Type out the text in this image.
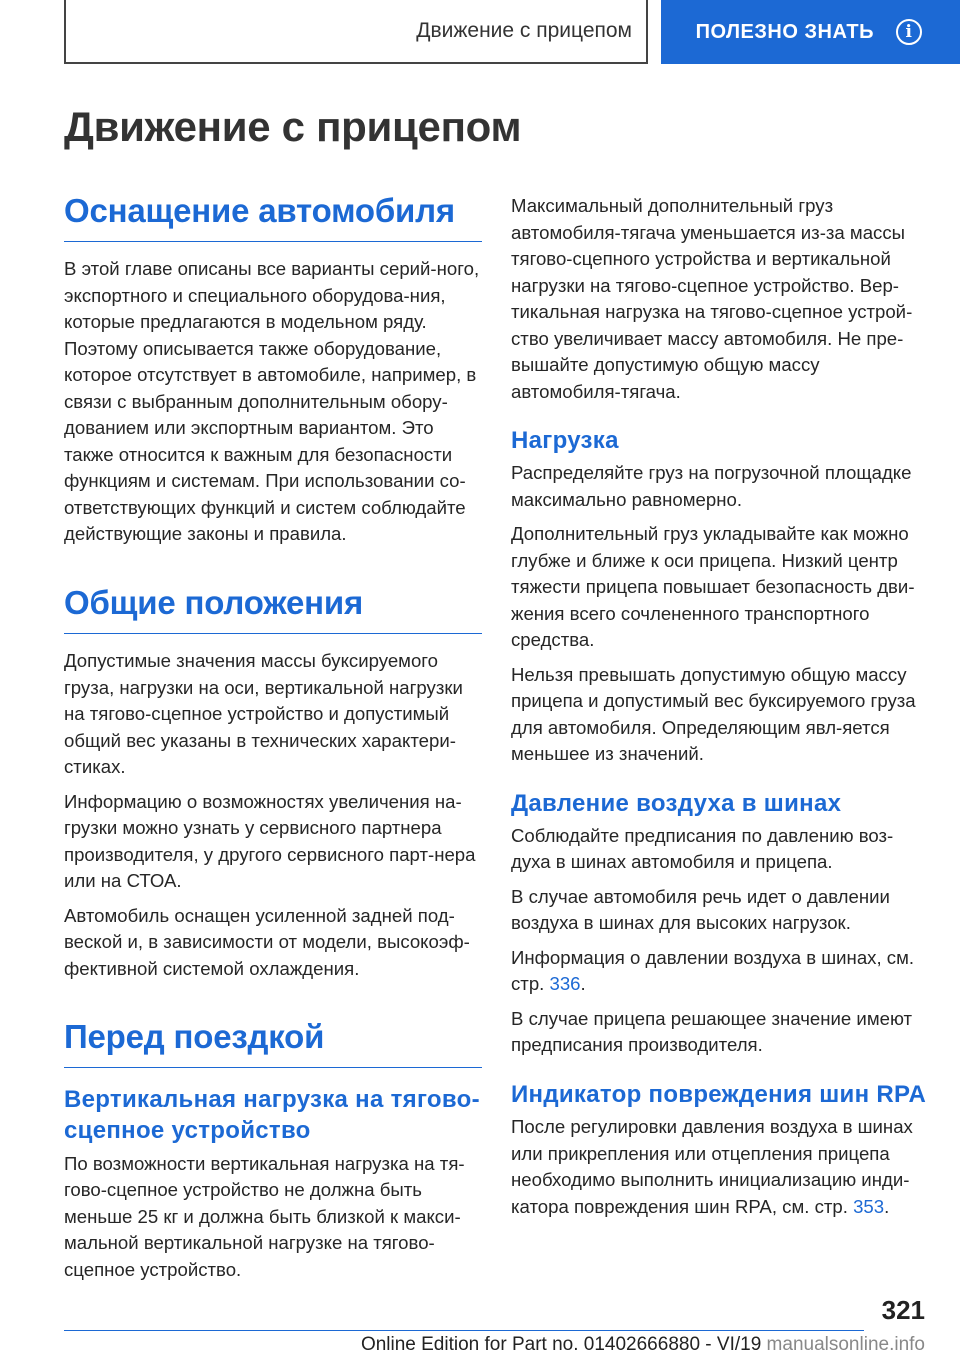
Движение с прицепом	ПОЛЕЗНО ЗНАТЬ	i
Движение с прицепом
Оснащение автомобиля

В этой главе описаны все варианты серий-ного, экспортного и специального оборудова-ния, которые предлагаются в модельном ряду. Поэтому описывается также оборудование, которое отсутствует в автомобиле, например, в связи с выбранным дополнительным обору-дованием или экспортным вариантом. Это также относится к важным для безопасности функциям и системам. При использовании со-ответствующих функций и систем соблюдайте действующие законы и правила.

Общие положения

Допустимые значения массы буксируемого груза, нагрузки на оси, вертикальной нагрузки на тягово-сцепное устройство и допустимый общий вес указаны в технических характери-стиках.

Информацию о возможностях увеличения на-грузки можно узнать у сервисного партнера производителя, у другого сервисного парт-нера или на СТОА.

Автомобиль оснащен усиленной задней под-веской и, в зависимости от модели, высокоэф-фективной системой охлаждения.

Перед поездкой
Вертикальная нагрузка на тягово-сцепное устройство

По возможности вертикальная нагрузка на тя-гово-сцепное устройство не должна быть меньше 25 кг и должна быть близкой к макси-мальной вертикальной нагрузке на тягово-сцепное устройство.

Максимальный дополнительный груз автомобиля-тягача уменьшается из-за массы тягово-сцепного устройства и вертикальной нагрузки на тягово-сцепное устройство. Вер-тикальная нагрузка на тягово-сцепное устрой-ство увеличивает массу автомобиля. Не пре-вышайте допустимую общую массу автомобиля-тягача.

Нагрузка

Распределяйте груз на погрузочной площадке максимально равномерно.

Дополнительный груз укладывайте как можно глубже и ближе к оси прицепа. Низкий центр тяжести прицепа повышает безопасность дви-жения всего сочлененного транспортного средства.

Нельзя превышать допустимую общую массу прицепа и допустимый вес буксируемого груза для автомобиля. Определяющим явл-яется меньшее из значений.

Давление воздуха в шинах

Соблюдайте предписания по давлению воз-духа в шинах автомобиля и прицепа.

В случае автомобиля речь идет о давлении воздуха в шинах для высоких нагрузок.

Информация о давлении воздуха в шинах, см. стр. 336.

В случае прицепа решающее значение имеют предписания производителя.

Индикатор повреждения шин RPA

После регулировки давления воздуха в шинах или прикрепления или отцепления прицепа необходимо выполнить инициализацию инди-катора повреждения шин RPA, см. стр. 353.

321
Online Edition for Part no. 01402666880 - VI/19 manualsonline.info
